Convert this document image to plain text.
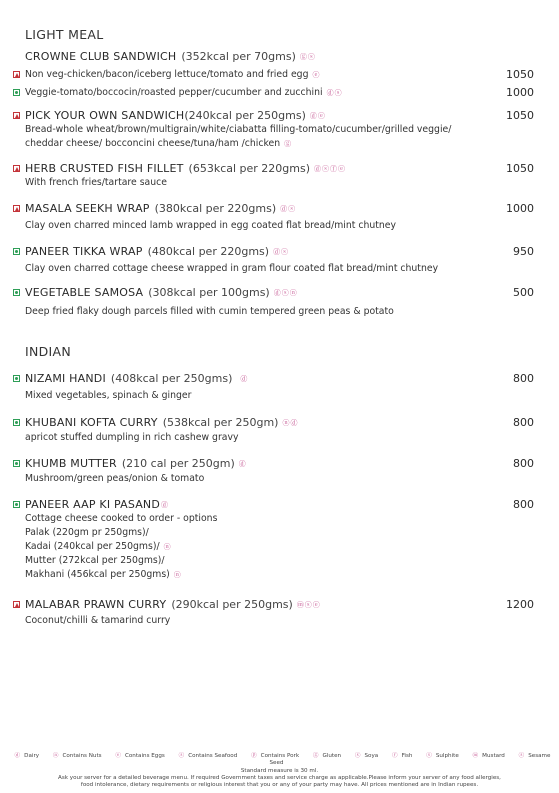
LIGHT MEAL
CROWNE CLUB SANDWICH (352kcal per 70gms) ⓖⓢ
Non veg-chicken/bacon/iceberg lettuce/tomato and fried egg ⓔ	1050
Veggie-tomato/boccocin/roasted pepper/cucumber and zucchini ⓓⓢ	1000
PICK YOUR OWN SANDWICH (240kcal per 250gms) ⓓⓔ	1050
Bread-whole wheat/brown/multigrain/white/ciabatta filling-tomato/cucumber/grilled veggie/
cheddar cheese/ bocconcini cheese/tuna/ham /chicken ⓖ
HERB CRUSTED FISH FILLET (653kcal per 220gms) ⓓⓢⓕⓔ	1050
With french fries/tartare sauce
MASALA SEEKH WRAP (380kcal per 220gms) ⓓⓢ	1000
Clay oven charred minced lamb wrapped in egg coated flat bread/mint chutney
PANEER TIKKA WRAP (480kcal per 220gms) ⓓⓢ	950
Clay oven charred cottage cheese wrapped in gram flour coated flat bread/mint chutney
VEGETABLE SAMOSA (308kcal per 100gms) ⓓⓢⓝ	500
Deep fried flaky dough parcels filled with cumin tempered green peas & potato
INDIAN
NIZAMI HANDI (408kcal per 250gms) ⓓ	800
Mixed vegetables, spinach & ginger
KHUBANI KOFTA CURRY (538kcal per 250gm) ⓝⓓ	800
apricot stuffed dumpling in rich cashew gravy
KHUMB MUTTER (210 cal per 250gm) ⓓ	800
Mushroom/green peas/onion & tomato
PANEER AAP KI PASAND ⓓ	800
Cottage cheese cooked to order - options
Palak (220gm pr 250gms)/
Kadai (240kcal per 250gms)/ ⓝ
Mutter (272kcal per 250gms)/
Makhani (456kcal per 250gms) ⓝ
MALABAR PRAWN CURRY (290kcal per 250gms) ⓜⓢⓔ	1200
Coconut/chilli & tamarind curry
ⓓ Dairy ⓝ Contains Nuts ⓔ Contains Eggs ⓢ Contains Seafood ⓟ Contains Pork ⓖ Gluten ⓢ Soya ⓕ Fish ⓢ Sulphite ⓜ Mustard ⓢ Sesame Seed
Standard measure is 30 ml.
Ask your server for a detailed beverage menu. If required Government taxes and service charge as applicable.Please inform your server of any food allergies,
food intolerance, dietary requirements or religious interest that you or any of your party may have. All prices mentioned are in Indian rupees.
